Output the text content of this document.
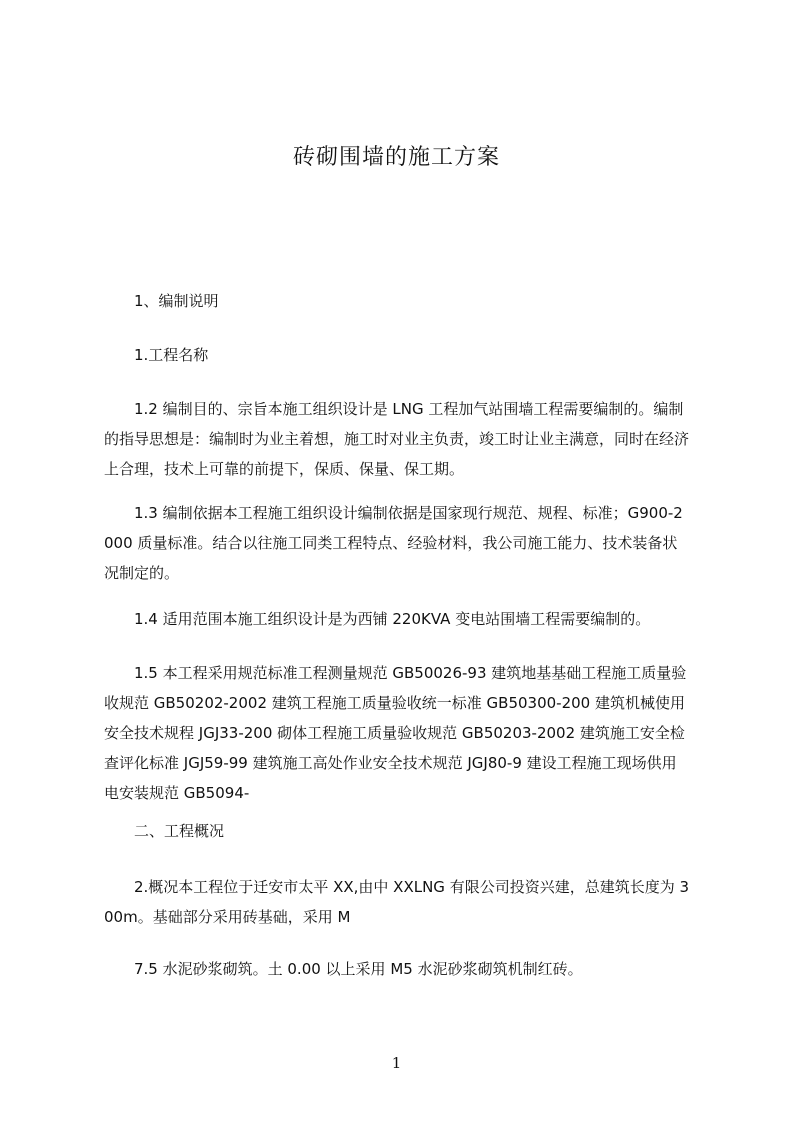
砖砌围墙的施工方案
1、编制说明
1.工程名称
1.2 编制目的、宗旨本施工组织设计是 LNG 工程加气站围墙工程需要编制的。编制的指导思想是：编制时为业主着想，施工时对业主负责，竣工时让业主满意，同时在经济上合理，技术上可靠的前提下，保质、保量、保工期。
1.3 编制依据本工程施工组织设计编制依据是国家现行规范、规程、标准；G900-2000 质量标准。结合以往施工同类工程特点、经验材料，我公司施工能力、技术装备状况制定的。
1.4 适用范围本施工组织设计是为西铺 220KVA 变电站围墙工程需要编制的。
1.5 本工程采用规范标准工程测量规范 GB50026-93 建筑地基基础工程施工质量验收规范 GB50202-2002 建筑工程施工质量验收统一标准 GB50300-200 建筑机械使用安全技术规程 JGJ33-200 砌体工程施工质量验收规范 GB50203-2002 建筑施工安全检查评化标准 JGJ59-99 建筑施工高处作业安全技术规范 JGJ80-9 建设工程施工现场供用电安装规范 GB5094-
二、工程概况
2.概况本工程位于迁安市太平 XX,由中 XXLNG 有限公司投资兴建，总建筑长度为 300m。基础部分采用砖基础，采用 M
7.5 水泥砂浆砌筑。土 0.00 以上采用 M5 水泥砂浆砌筑机制红砖。
1
